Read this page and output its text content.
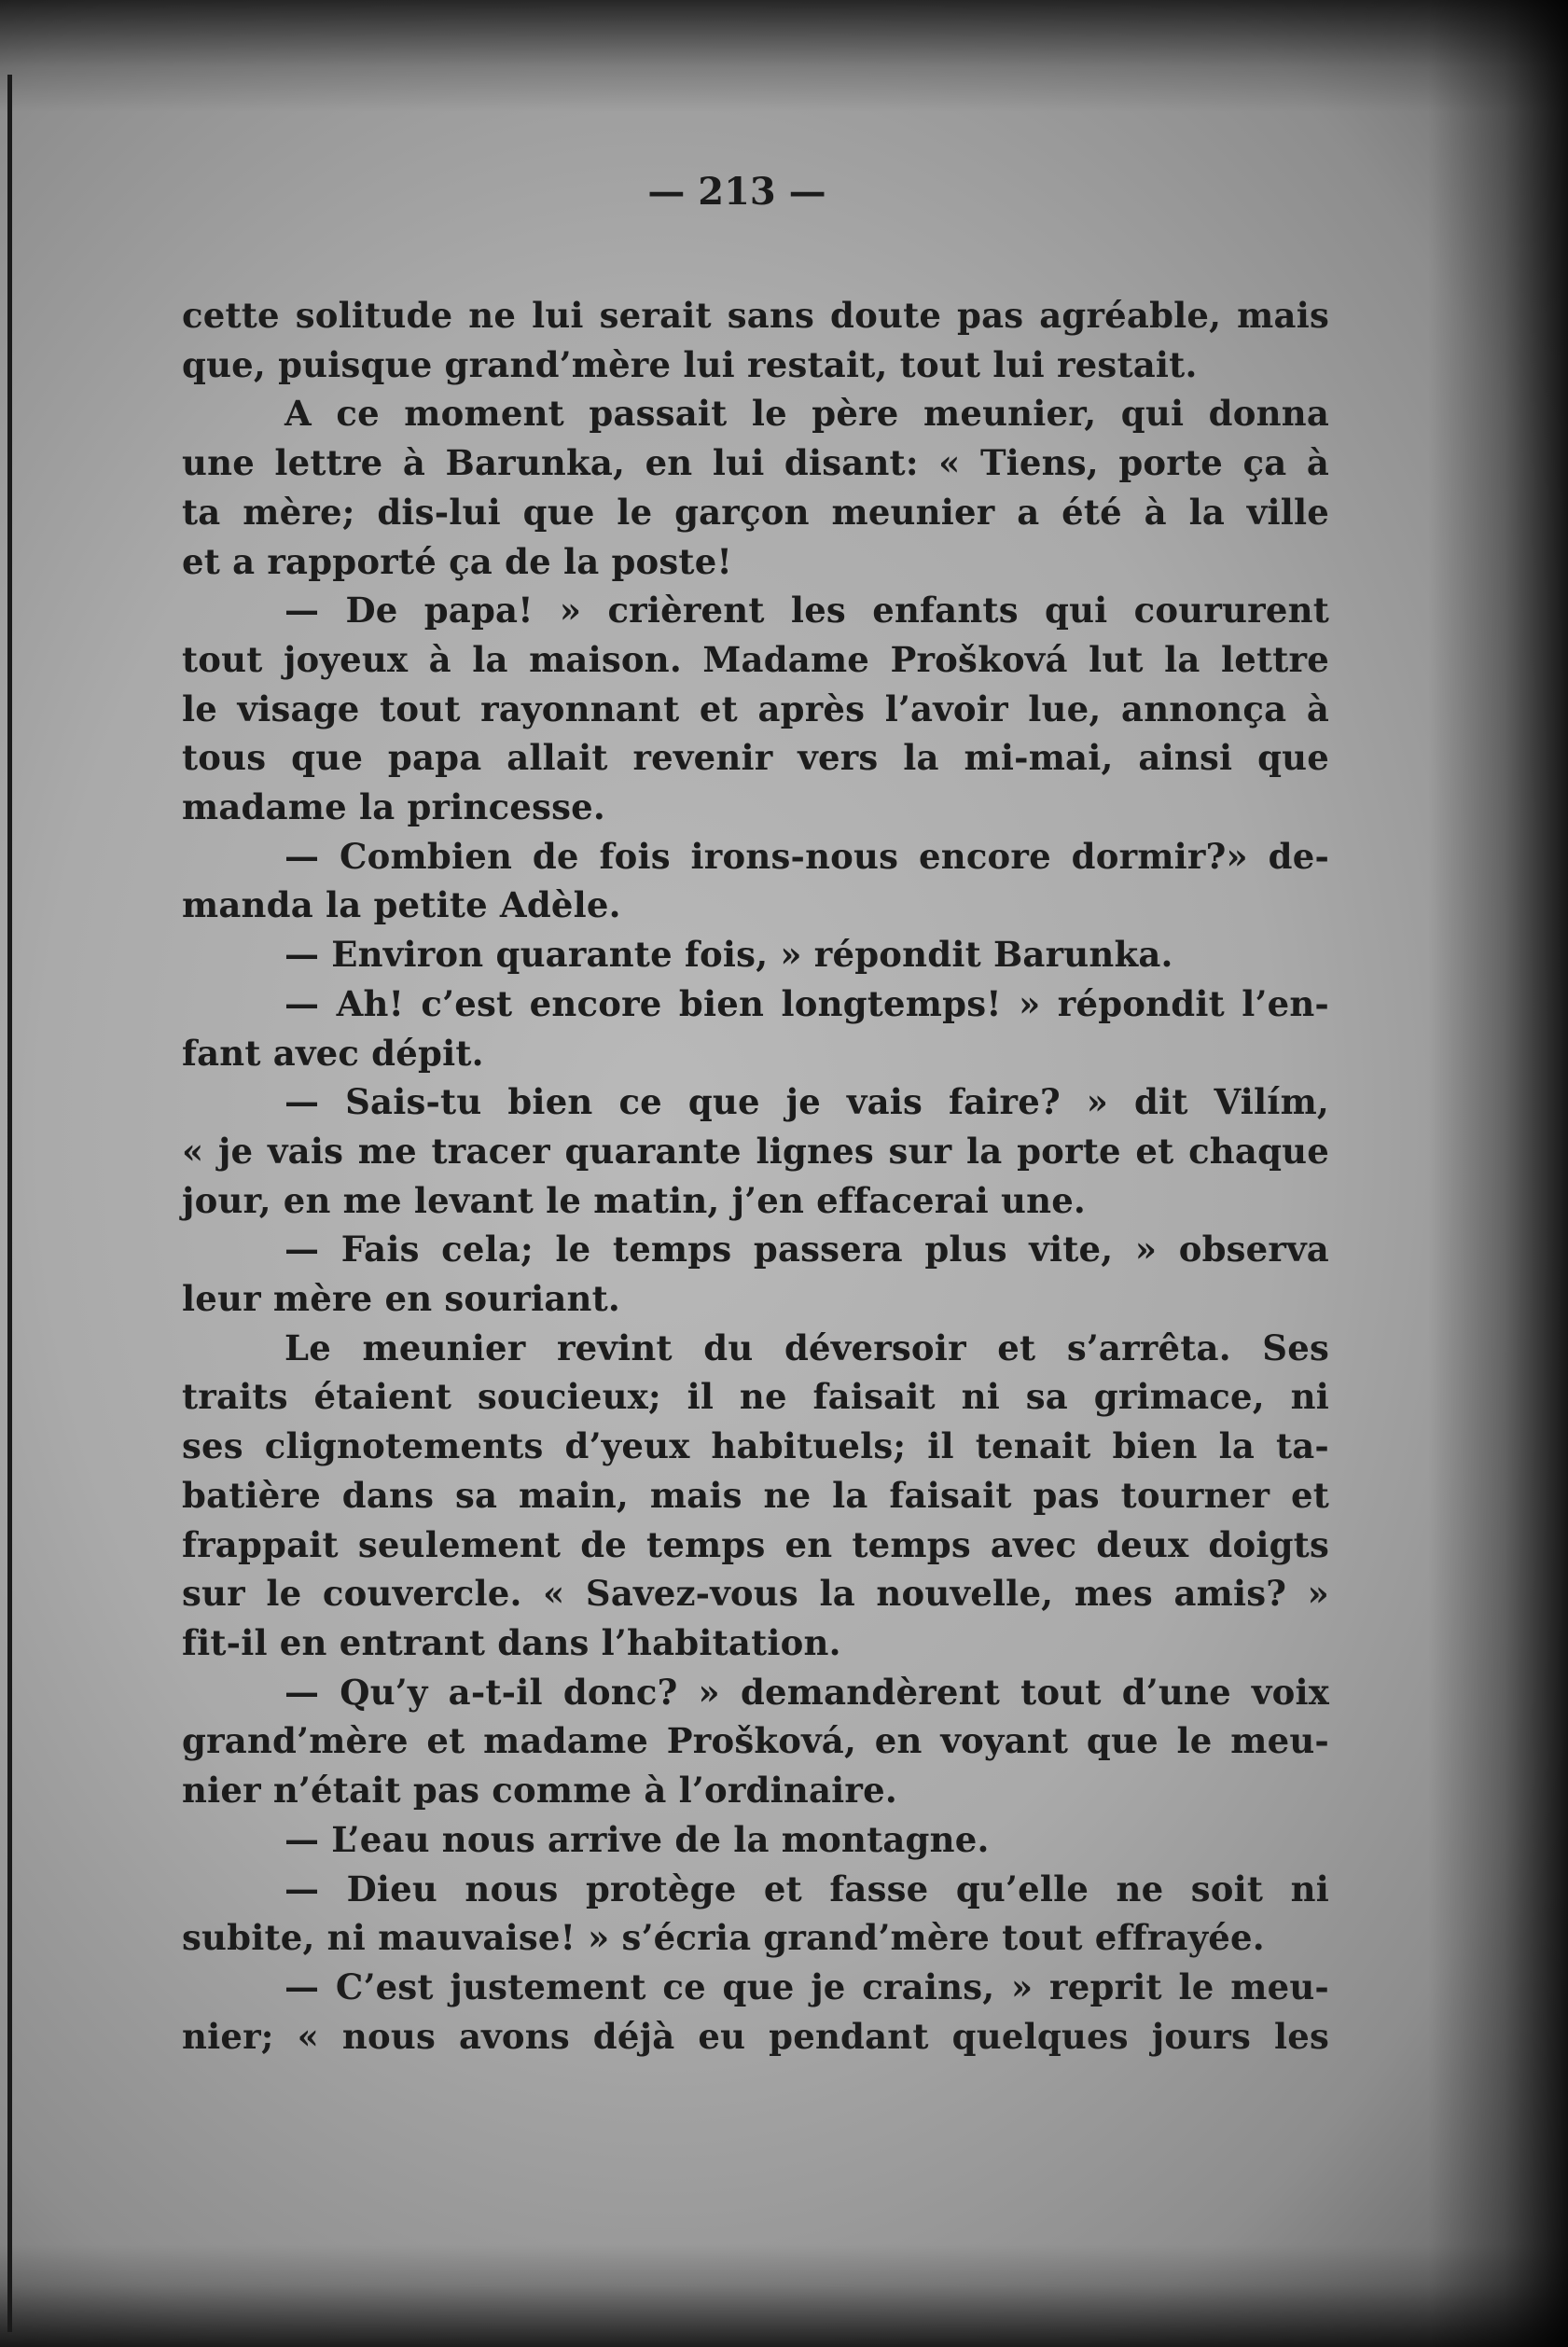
— 213 —
cette solitude ne lui serait sans doute pas agréable, mais
que, puisque grand’mère lui restait, tout lui restait.
A ce moment passait le père meunier, qui donna
une lettre à Barunka, en lui disant: « Tiens, porte ça à
ta mère; dis-lui que le garçon meunier a été à la ville
et a rapporté ça de la poste!
— De papa! » crièrent les enfants qui coururent
tout joyeux à la maison. Madame Prošková lut la lettre
le visage tout rayonnant et après l’avoir lue, annonça à
tous que papa allait revenir vers la mi-mai, ainsi que
madame la princesse.
— Combien de fois irons-nous encore dormir?» de-
manda la petite Adèle.
— Environ quarante fois, » répondit Barunka.
— Ah! c’est encore bien longtemps! » répondit l’en-
fant avec dépit.
— Sais-tu bien ce que je vais faire? » dit Vilím,
« je vais me tracer quarante lignes sur la porte et chaque
jour, en me levant le matin, j’en effacerai une.
— Fais cela; le temps passera plus vite, » observa
leur mère en souriant.
Le meunier revint du déversoir et s’arrêta. Ses
traits étaient soucieux; il ne faisait ni sa grimace, ni
ses clignotements d’yeux habituels; il tenait bien la ta-
batière dans sa main, mais ne la faisait pas tourner et
frappait seulement de temps en temps avec deux doigts
sur le couvercle. « Savez-vous la nouvelle, mes amis? »
fit-il en entrant dans l’habitation.
— Qu’y a-t-il donc? » demandèrent tout d’une voix
grand’mère et madame Prošková, en voyant que le meu-
nier n’était pas comme à l’ordinaire.
— L’eau nous arrive de la montagne.
— Dieu nous protège et fasse qu’elle ne soit ni
subite, ni mauvaise! » s’écria grand’mère tout effrayée.
— C’est justement ce que je crains, » reprit le meu-
nier; « nous avons déjà eu pendant quelques jours les
